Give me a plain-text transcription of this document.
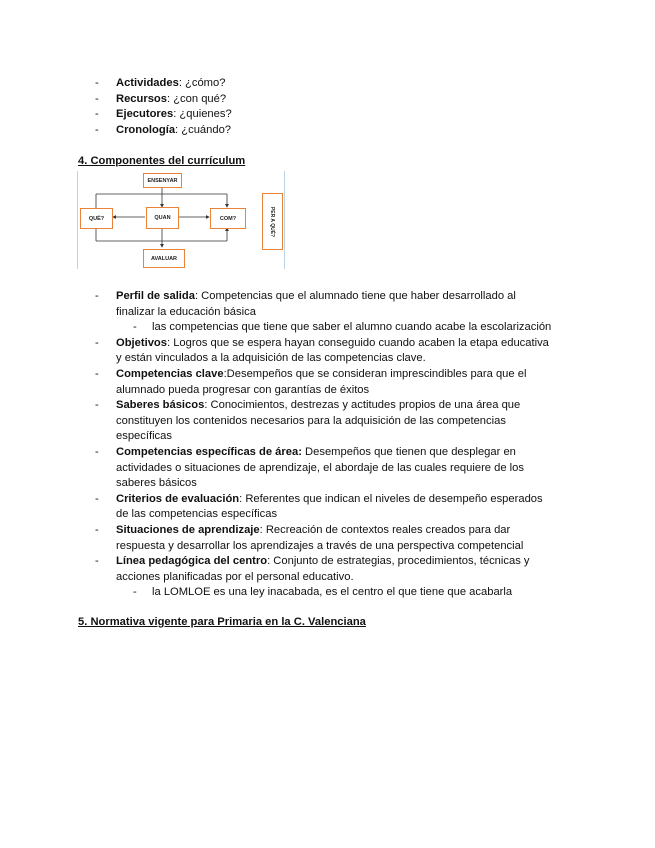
- Actividades: ¿cómo?
- Recursos: ¿con qué?
- Ejecutores: ¿quienes?
- Cronología: ¿cuándo?
4. Componentes del currículum
ENSENYAR
QUÈ?	QUAN	COM?
AVALUAR
PER A QUÈ?
- Perfil de salida: Competencias que el alumnado tiene que haber desarrollado al
finalizar la educación básica
- las competencias que tiene que saber el alumno cuando acabe la escolarización
- Objetivos: Logros que se espera hayan conseguido cuando acaben la etapa educativa
y están vinculados a la adquisición de las competencias clave.
- Competencias clave:Desempeños que se consideran imprescindibles para que el
alumnado pueda progresar con garantías de éxitos
- Saberes básicos: Conocimientos, destrezas y actitudes propios de una área que
constituyen los contenidos necesarios para la adquisición de las competencias
específicas
- Competencias específicas de área: Desempeños que tienen que desplegar en
actividades o situaciones de aprendizaje, el abordaje de las cuales requiere de los
saberes básicos
- Criterios de evaluación: Referentes que indican el niveles de desempeño esperados
de las competencias específicas
- Situaciones de aprendizaje: Recreación de contextos reales creados para dar
respuesta y desarrollar los aprendizajes a través de una perspectiva competencial
- Línea pedagógica del centro: Conjunto de estrategias, procedimientos, técnicas y
acciones planificadas por el personal educativo.
- la LOMLOE es una ley inacabada, es el centro el que tiene que acabarla
5. Normativa vigente para Primaria en la C. Valenciana
